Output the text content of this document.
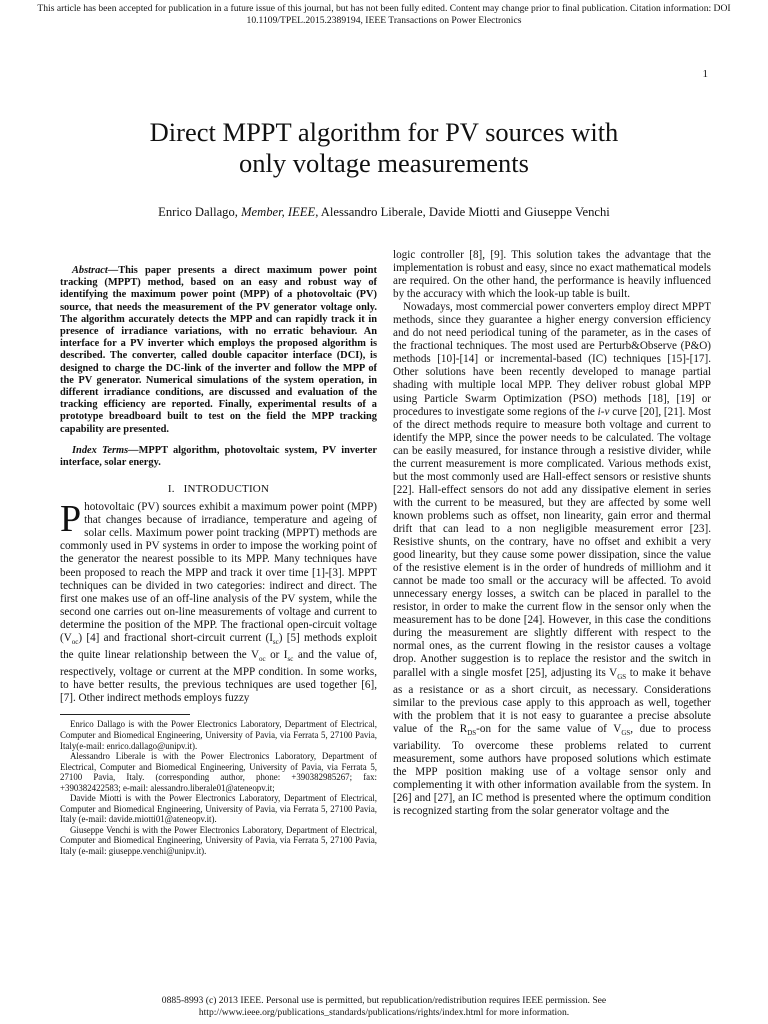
This article has been accepted for publication in a future issue of this journal, but has not been fully edited. Content may change prior to final publication. Citation information: DOI
10.1109/TPEL.2015.2389194, IEEE Transactions on Power Electronics
1
Direct MPPT algorithm for PV sources with
only voltage measurements
Enrico Dallago, Member, IEEE, Alessandro Liberale, Davide Miotti and Giuseppe Venchi

Abstract—This paper presents a direct maximum power point tracking (MPPT) method, based on an easy and robust way of identifying the maximum power point (MPP) of a photovoltaic (PV) source, that needs the measurement of the PV generator voltage only. The algorithm accurately detects the MPP and can rapidly track it in presence of irradiance variations, with no erratic behaviour. An interface for a PV inverter which employs the proposed algorithm is described. The converter, called double capacitor interface (DCI), is designed to charge the DC-link of the inverter and follow the MPP of the PV generator. Numerical simulations of the system operation, in different irradiance conditions, are discussed and evaluation of the tracking efficiency are reported. Finally, experimental results of a prototype breadboard built to test on the field the MPP tracking capability are presented.

Index Terms—MPPT algorithm, photovoltaic system, PV inverter interface, solar energy.

I. INTRODUCTION

Photovoltaic (PV) sources exhibit a maximum power point (MPP) that changes because of irradiance, temperature and ageing of solar cells. Maximum power point tracking (MPPT) methods are commonly used in PV systems in order to impose the working point of the generator the nearest possible to its MPP. Many techniques have been proposed to reach the MPP and track it over time [1]-[3]. MPPT techniques can be divided in two categories: indirect and direct. The first one makes use of an off-line analysis of the PV system, while the second one carries out on-line measurements of voltage and current to determine the position of the MPP. The fractional open-circuit voltage $(V_{oc})$ [4] and fractional short-circuit current $(I_{sc})$ [5] methods exploit the quite linear relationship between the $V_{oc}$ or $I_{sc}$ and the value of, respectively, voltage or current at the MPP condition. In some works, to have better results, the previous techniques are used together [6], [7]. Other indirect methods employs fuzzy

Enrico Dallago is with the Power Electronics Laboratory, Department of Electrical, Computer and Biomedical Engineering, University of Pavia, via Ferrata 5, 27100 Pavia, Italy(e-mail: enrico.dallago@unipv.it).

Alessandro Liberale is with the Power Electronics Laboratory, Department of Electrical, Computer and Biomedical Engineering, University of Pavia, via Ferrata 5, 27100 Pavia, Italy. (corresponding author, phone: +390382985267; fax: +390382422583; e-mail: alessandro.liberale01@ateneopv.it;

Davide Miotti is with the Power Electronics Laboratory, Department of Electrical, Computer and Biomedical Engineering, University of Pavia, via Ferrata 5, 27100 Pavia, Italy (e-mail: davide.miotti01@ateneopv.it).

Giuseppe Venchi is with the Power Electronics Laboratory, Department of Electrical, Computer and Biomedical Engineering, University of Pavia, via Ferrata 5, 27100 Pavia, Italy (e-mail: giuseppe.venchi@unipv.it).

logic controller [8], [9]. This solution takes the advantage that the implementation is robust and easy, since no exact mathematical models are required. On the other hand, the performance is heavily influenced by the accuracy with which the look-up table is built.

Nowadays, most commercial power converters employ direct MPPT methods, since they guarantee a higher energy conversion efficiency and do not need periodical tuning of the parameter, as in the cases of the fractional techniques. The most used are Perturb&Observe (P&O) methods [10]-[14] or incremental-based (IC) techniques [15]-[17]. Other solutions have been recently developed to manage partial shading with multiple local MPP. They deliver robust global MPP using Particle Swarm Optimization (PSO) methods [18], [19] or procedures to investigate some regions of the i-v curve [20], [21]. Most of the direct methods require to measure both voltage and current to identify the MPP, since the power needs to be calculated. The voltage can be easily measured, for instance through a resistive divider, while the current measurement is more complicated. Various methods exist, but the most commonly used are Hall-effect sensors or resistive shunts [22]. Hall-effect sensors do not add any dissipative element in series with the current to be measured, but they are affected by some well known problems such as offset, non linearity, gain error and thermal drift that can lead to a non negligible measurement error [23]. Resistive shunts, on the contrary, have no offset and exhibit a very good linearity, but they cause some power dissipation, since the value of the resistive element is in the order of hundreds of milliohm and it cannot be made too small or the accuracy will be affected. To avoid unnecessary energy losses, a switch can be placed in parallel to the resistor, in order to make the current flow in the sensor only when the measurement has to be done [24]. However, in this case the conditions during the measurement are slightly different with respect to the normal ones, as the current flowing in the resistor causes a voltage drop. Another suggestion is to replace the resistor and the switch in parallel with a single mosfet [25], adjusting its $V_{GS}$ to make it behave as a resistance or as a short circuit, as necessary. Considerations similar to the previous case apply to this approach as well, together with the problem that it is not easy to guarantee a precise absolute value of the $R_{DS}-on$ for the same value of $V_{GS}$, due to process variability. To overcome these problems related to current measurement, some authors have proposed solutions which estimate the MPP position making use of a voltage sensor only and complementing it with other information available from the system. In [26] and [27], an IC method is presented where the optimum condition is recognized starting from the solar generator voltage and the

0885-8993 (c) 2013 IEEE. Personal use is permitted, but republication/redistribution requires IEEE permission. See
http://www.ieee.org/publications_standards/publications/rights/index.html for more information.
